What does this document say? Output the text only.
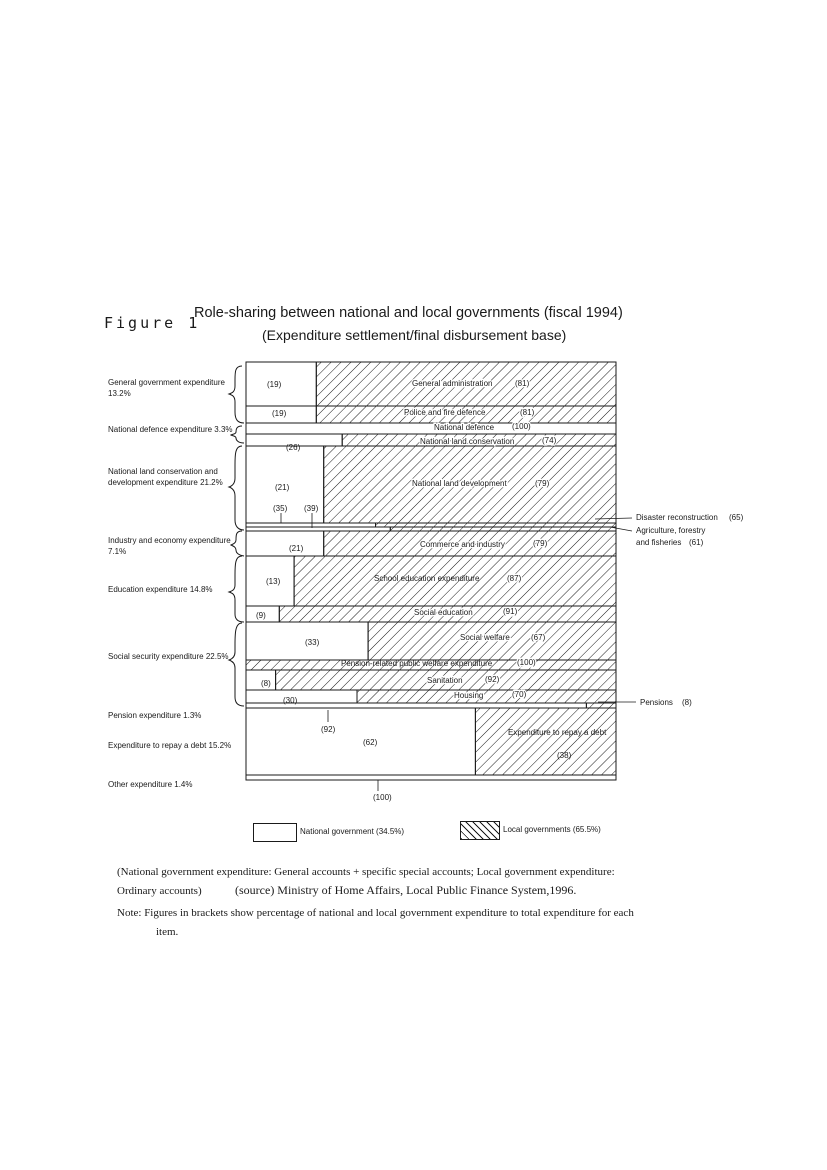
Figure 1
Role-sharing between national and local governments (fiscal 1994)
(Expenditure settlement/final disbursement base)
General government expenditure 13.2%
National defence expenditure 3.3%
National land conservation and development expenditure 21.2%
Industry and economy expenditure 7.1%
Education expenditure 14.8%
Social security expenditure 22.5%
Pension expenditure 1.3%
Expenditure to repay a debt 15.2%
Other expenditure 1.4%
General administration
(19)	(81)
Police and fire defence
(19)	(81)
National defence (100)
National land conservation
(26)
(74)
National land development
(21)	(79)
(35) (39)
Disaster reconstruction (65)
Agriculture, forestry
and fisheries (61)
Commerce and industry
(21)
(79)
School education expenditure
(13)	(87)
Social education
(9)	(91)
Social welfare
(33)
(67)
Pension-related public welfare expenditure	(100)
Sanitation
(8)	(92)
Housing
(30)
(70)
Pensions (8)
(92)
(62)
Expenditure to repay a debt
(38)
(100)
National government (34.5%)	Local governments (65.5%)
(National government expenditure: General accounts + specific special accounts; Local government expenditure:
Ordinary accounts)	(source) Ministry of Home Affairs, Local Public Finance System,1996.
Note: Figures in brackets show percentage of national and local government expenditure to total expenditure for each
item.
